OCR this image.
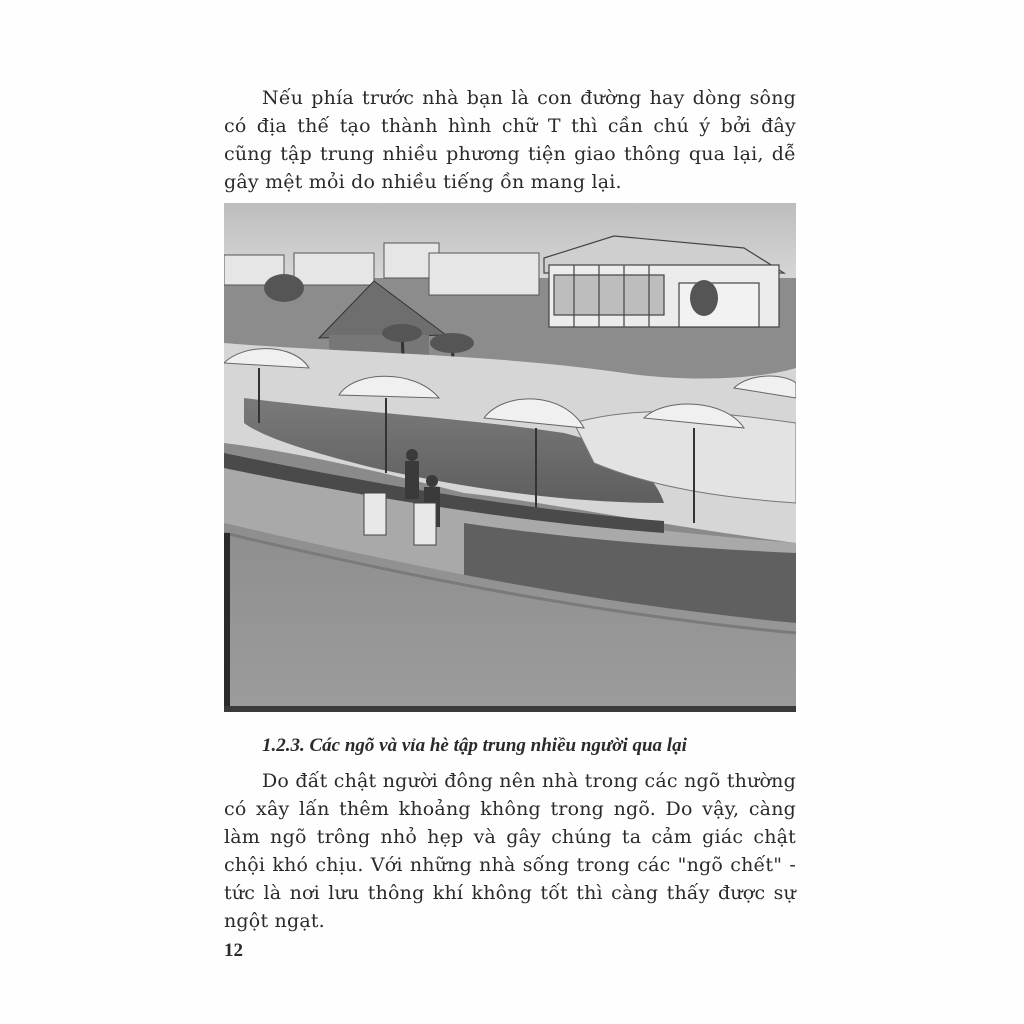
Nếu phía trước nhà bạn là con đường hay dòng sông có địa thế tạo thành hình chữ T thì cần chú ý bởi đây cũng tập trung nhiều phương tiện giao thông qua lại, dễ gây mệt mỏi do nhiều tiếng ồn mang lại.

1.2.3. Các ngõ và vỉa hè tập trung nhiều người qua lại

Do đất chật người đông nên nhà trong các ngõ thường có xây lấn thêm khoảng không trong ngõ. Do vậy, càng làm ngõ trông nhỏ hẹp và gây chúng ta cảm giác chật chội khó chịu. Với những nhà sống trong các "ngõ chết" - tức là nơi lưu thông khí không tốt thì càng thấy được sự ngột ngạt.

12
